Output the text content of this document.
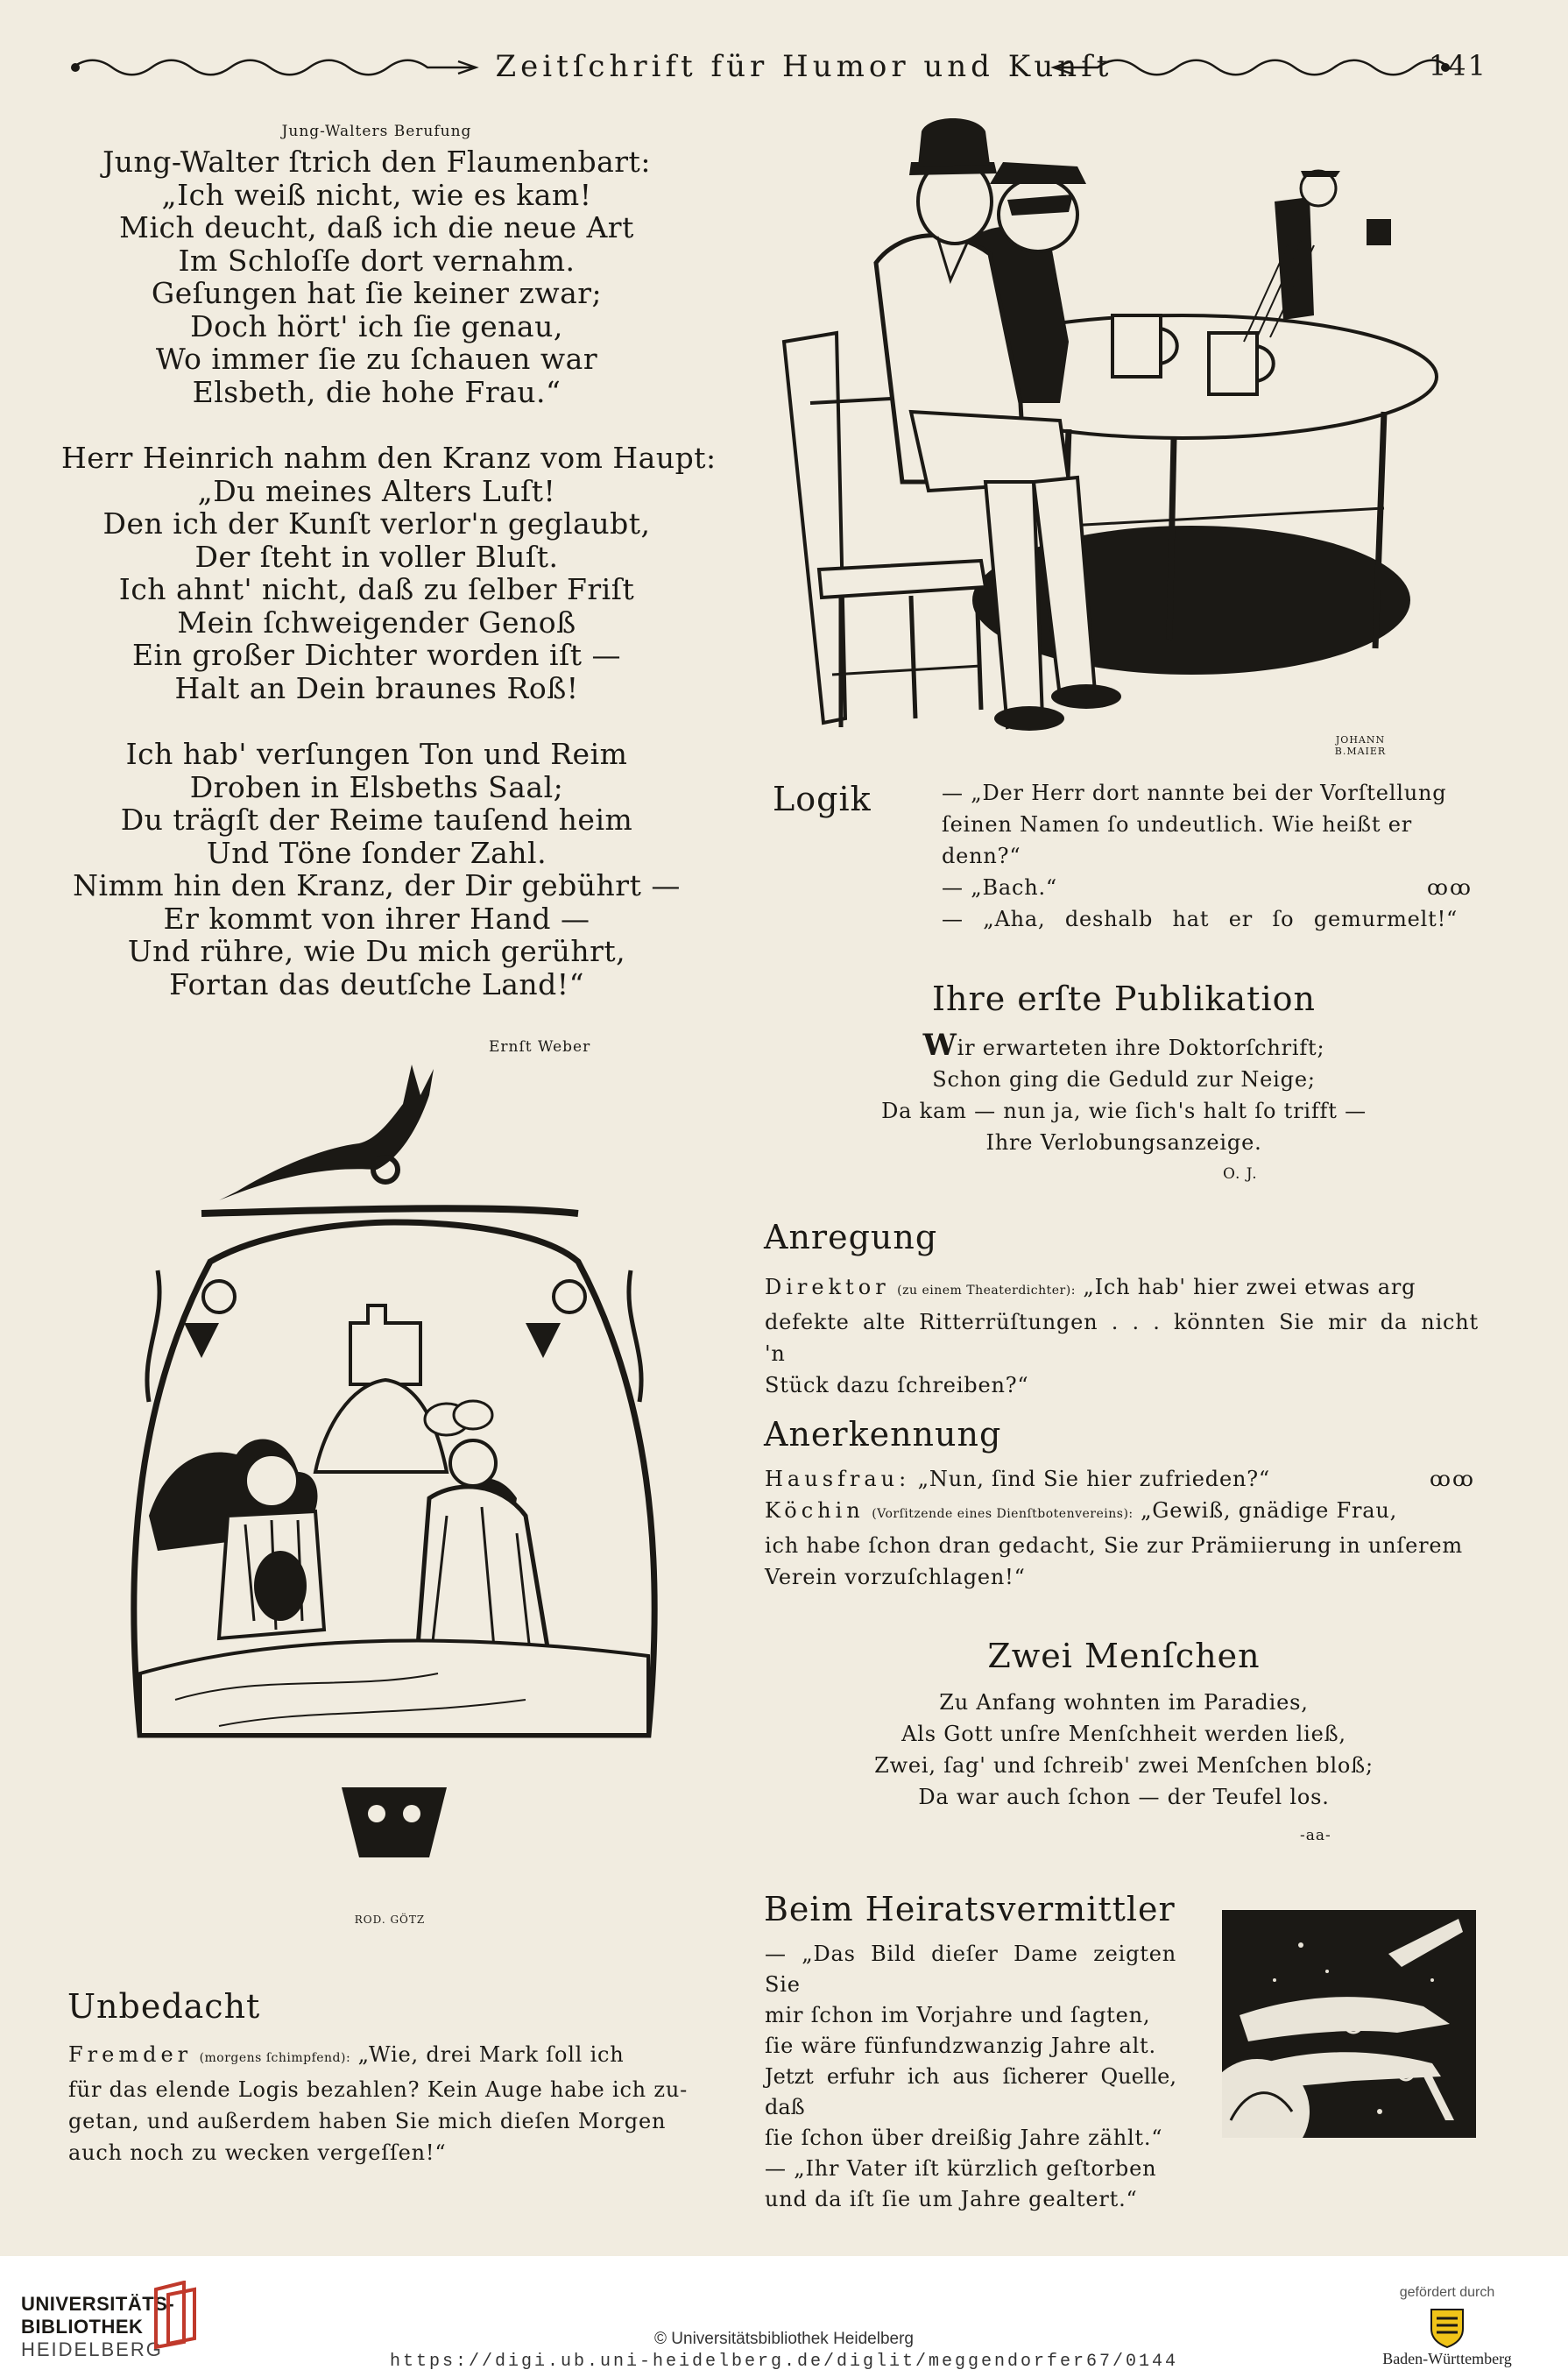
Zeitſchrift für Humor und Kunſt	141
Jung-Walters Berufung
Jung-Walter ſtrich den Flaumenbart:
„Ich weiß nicht, wie es kam!
Mich deucht, daß ich die neue Art
Im Schloſſe dort vernahm.
Geſungen hat ſie keiner zwar;
Doch hört' ich ſie genau,
Wo immer ſie zu ſchauen war
Elsbeth, die hohe Frau.“
Herr Heinrich nahm den Kranz vom Haupt:
„Du meines Alters Luſt!
Den ich der Kunſt verlor'n geglaubt,
Der ſteht in voller Bluſt.
Ich ahnt' nicht, daß zu ſelber Friſt
Mein ſchweigender Genoß
Ein großer Dichter worden iſt —
Halt an Dein braunes Roß!
Ich hab' verſungen Ton und Reim
Droben in Elsbeths Saal;
Du trägſt der Reime tauſend heim
Und Töne ſonder Zahl.
Nimm hin den Kranz, der Dir gebührt —
Er kommt von ihrer Hand —
Und rühre, wie Du mich gerührt,
Fortan das deutſche Land!“
Ernſt Weber
JOHANN
B.MAIER
Logik	— „Der Herr dort nannte bei der Vorſtellung
ſeinen Namen ſo undeutlich. Wie heißt er denn?“
— „Bach.“	ꝏꝏ
— „Aha, deshalb hat er ſo gemurmelt!“
Ihre erſte Publikation
Wir erwarteten ihre Doktorſchrift;
Schon ging die Geduld zur Neige;
Da kam — nun ja, wie ſich's halt ſo trifft —
Ihre Verlobungsanzeige.
O. J.
Anregung
Direktor (zu einem Theaterdichter): „Ich hab' hier zwei etwas arg
defekte alte Ritterrüſtungen . . . könnten Sie mir da nicht 'n
Stück dazu ſchreiben?“
Anerkennung
Hausfrau: „Nun, ſind Sie hier zufrieden?“	ꝏꝏ
Köchin (Vorſitzende eines Dienſtbotenvereins): „Gewiß, gnädige Frau,
ich habe ſchon dran gedacht, Sie zur Prämiierung in unſerem
Verein vorzuſchlagen!“
Zwei Menſchen
Zu Anfang wohnten im Paradies,
Als Gott unſre Menſchheit werden ließ,
Zwei, ſag' und ſchreib' zwei Menſchen bloß;
Da war auch ſchon — der Teufel los.
-aa-
Beim Heiratsvermittler
— „Das Bild dieſer Dame zeigten Sie
mir ſchon im Vorjahre und ſagten,
ſie wäre fünfundzwanzig Jahre alt.
Jetzt erfuhr ich aus ſicherer Quelle, daß
ſie ſchon über dreißig Jahre zählt.“
— „Ihr Vater iſt kürzlich geſtorben
und da iſt ſie um Jahre gealtert.“
ROD. GÖTZ
Unbedacht
Fremder (morgens ſchimpfend): „Wie, drei Mark ſoll ich
für das elende Logis bezahlen? Kein Auge habe ich zu-
getan, und außerdem haben Sie mich dieſen Morgen
auch noch zu wecken vergeſſen!“
UNIVERSITÄTS-
BIBLIOTHEK
HEIDELBERG	© Universitätsbibliothek Heidelberg
https://digi.ub.uni-heidelberg.de/diglit/meggendorfer67/0144
gefördert durch
Baden-Württemberg
